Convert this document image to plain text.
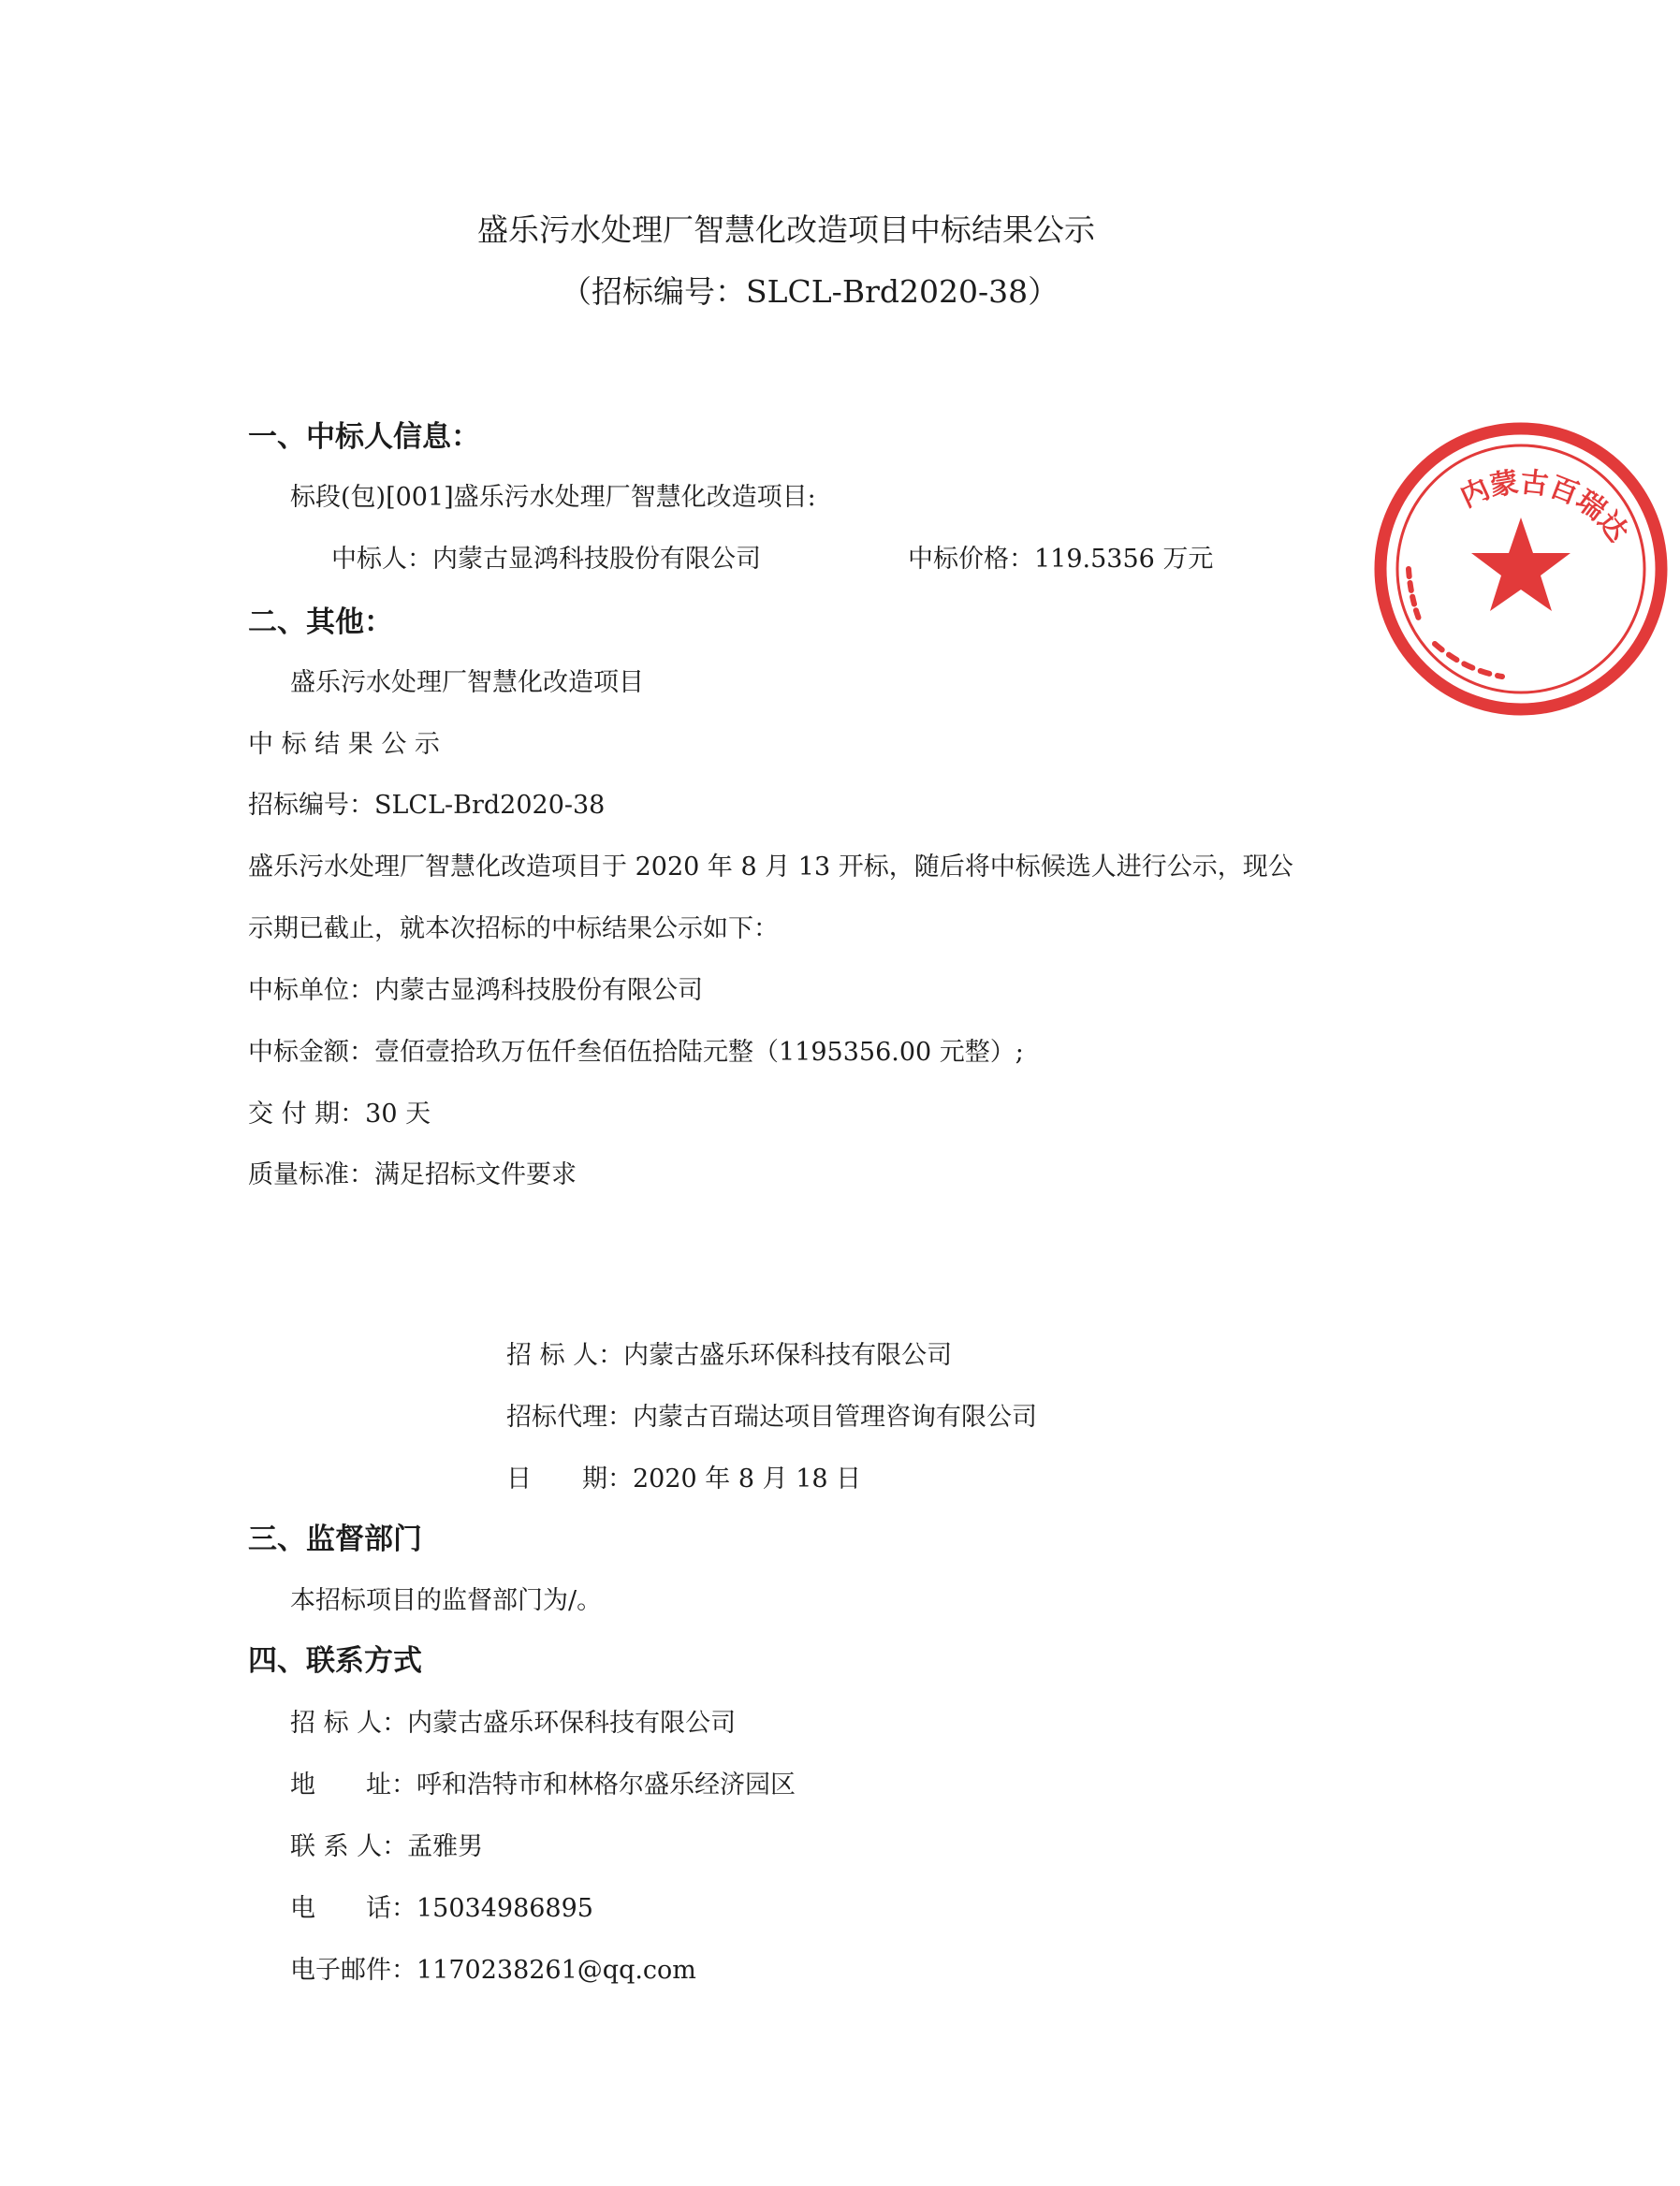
盛乐污水处理厂智慧化改造项目中标结果公示
（招标编号：SLCL-Brd2020-38）
一、中标人信息：
标段(包)[001]盛乐污水处理厂智慧化改造项目:
中标人：内蒙古显鸿科技股份有限公司	中标价格：119.5356 万元
二、其他：
盛乐污水处理厂智慧化改造项目
中 标 结 果 公 示
招标编号：SLCL-Brd2020-38
盛乐污水处理厂智慧化改造项目于 2020 年 8 月 13 开标，随后将中标候选人进行公示，现公
示期已截止，就本次招标的中标结果公示如下：
中标单位：内蒙古显鸿科技股份有限公司
中标金额：壹佰壹拾玖万伍仟叁佰伍拾陆元整（1195356.00 元整）;
交 付 期：30 天
质量标准：满足招标文件要求
招 标 人：内蒙古盛乐环保科技有限公司
招标代理：内蒙古百瑞达项目管理咨询有限公司
日 期：2020 年 8 月 18 日
三、监督部门
本招标项目的监督部门为/。
四、联系方式
招 标 人：内蒙古盛乐环保科技有限公司
地 址：呼和浩特市和林格尔盛乐经济园区
联 系 人：孟雅男
电 话：15034986895
电子邮件：1170238261@qq.com
内蒙古百瑞达
